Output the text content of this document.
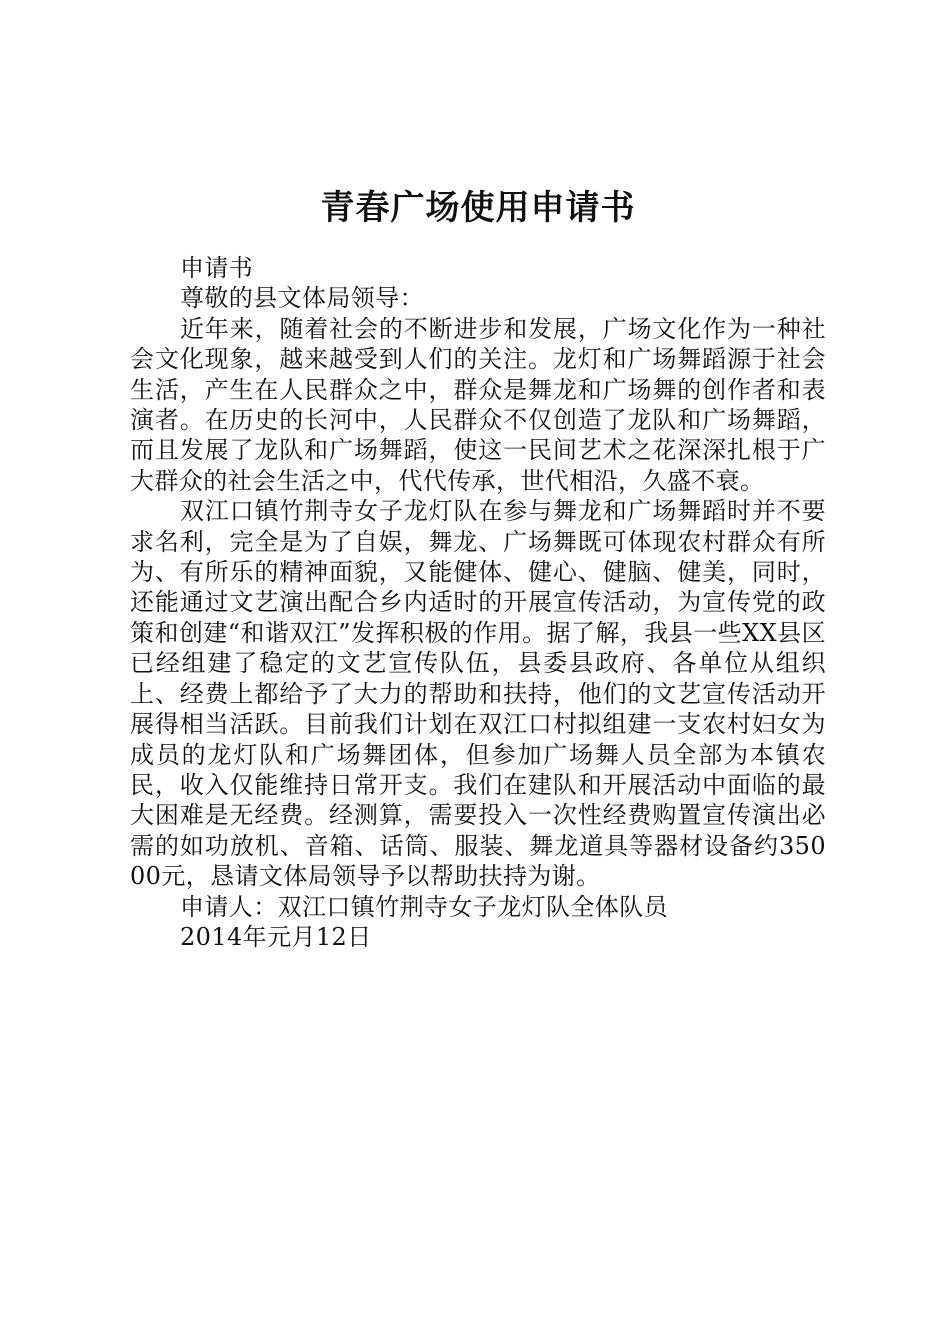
青春广场使用申请书

申请书

尊敬的县文体局领导：

近年来，随着社会的不断进步和发展，广场文化作为一种社会文化现象，越来越受到人们的关注。龙灯和广场舞蹈源于社会生活，产生在人民群众之中，群众是舞龙和广场舞的创作者和表演者。在历史的长河中，人民群众不仅创造了龙队和广场舞蹈，而且发展了龙队和广场舞蹈，使这一民间艺术之花深深扎根于广大群众的社会生活之中，代代传承，世代相沿，久盛不衰。

双江口镇竹荆寺女子龙灯队在参与舞龙和广场舞蹈时并不要求名利，完全是为了自娱，舞龙、广场舞既可体现农村群众有所为、有所乐的精神面貌，又能健体、健心、健脑、健美，同时，还能通过文艺演出配合乡内适时的开展宣传活动，为宣传党的政策和创建“和谐双江”发挥积极的作用。据了解，我县一些XX县区已经组建了稳定的文艺宣传队伍，县委县政府、各单位从组织上、经费上都给予了大力的帮助和扶持，他们的文艺宣传活动开展得相当活跃。目前我们计划在双江口村拟组建一支农村妇女为成员的龙灯队和广场舞团体，但参加广场舞人员全部为本镇农民，收入仅能维持日常开支。我们在建队和开展活动中面临的最大困难是无经费。经测算，需要投入一次性经费购置宣传演出必需的如功放机、音箱、话筒、服装、舞龙道具等器材设备约35000元，恳请文体局领导予以帮助扶持为谢。

申请人：双江口镇竹荆寺女子龙灯队全体队员

2014年元月12日
